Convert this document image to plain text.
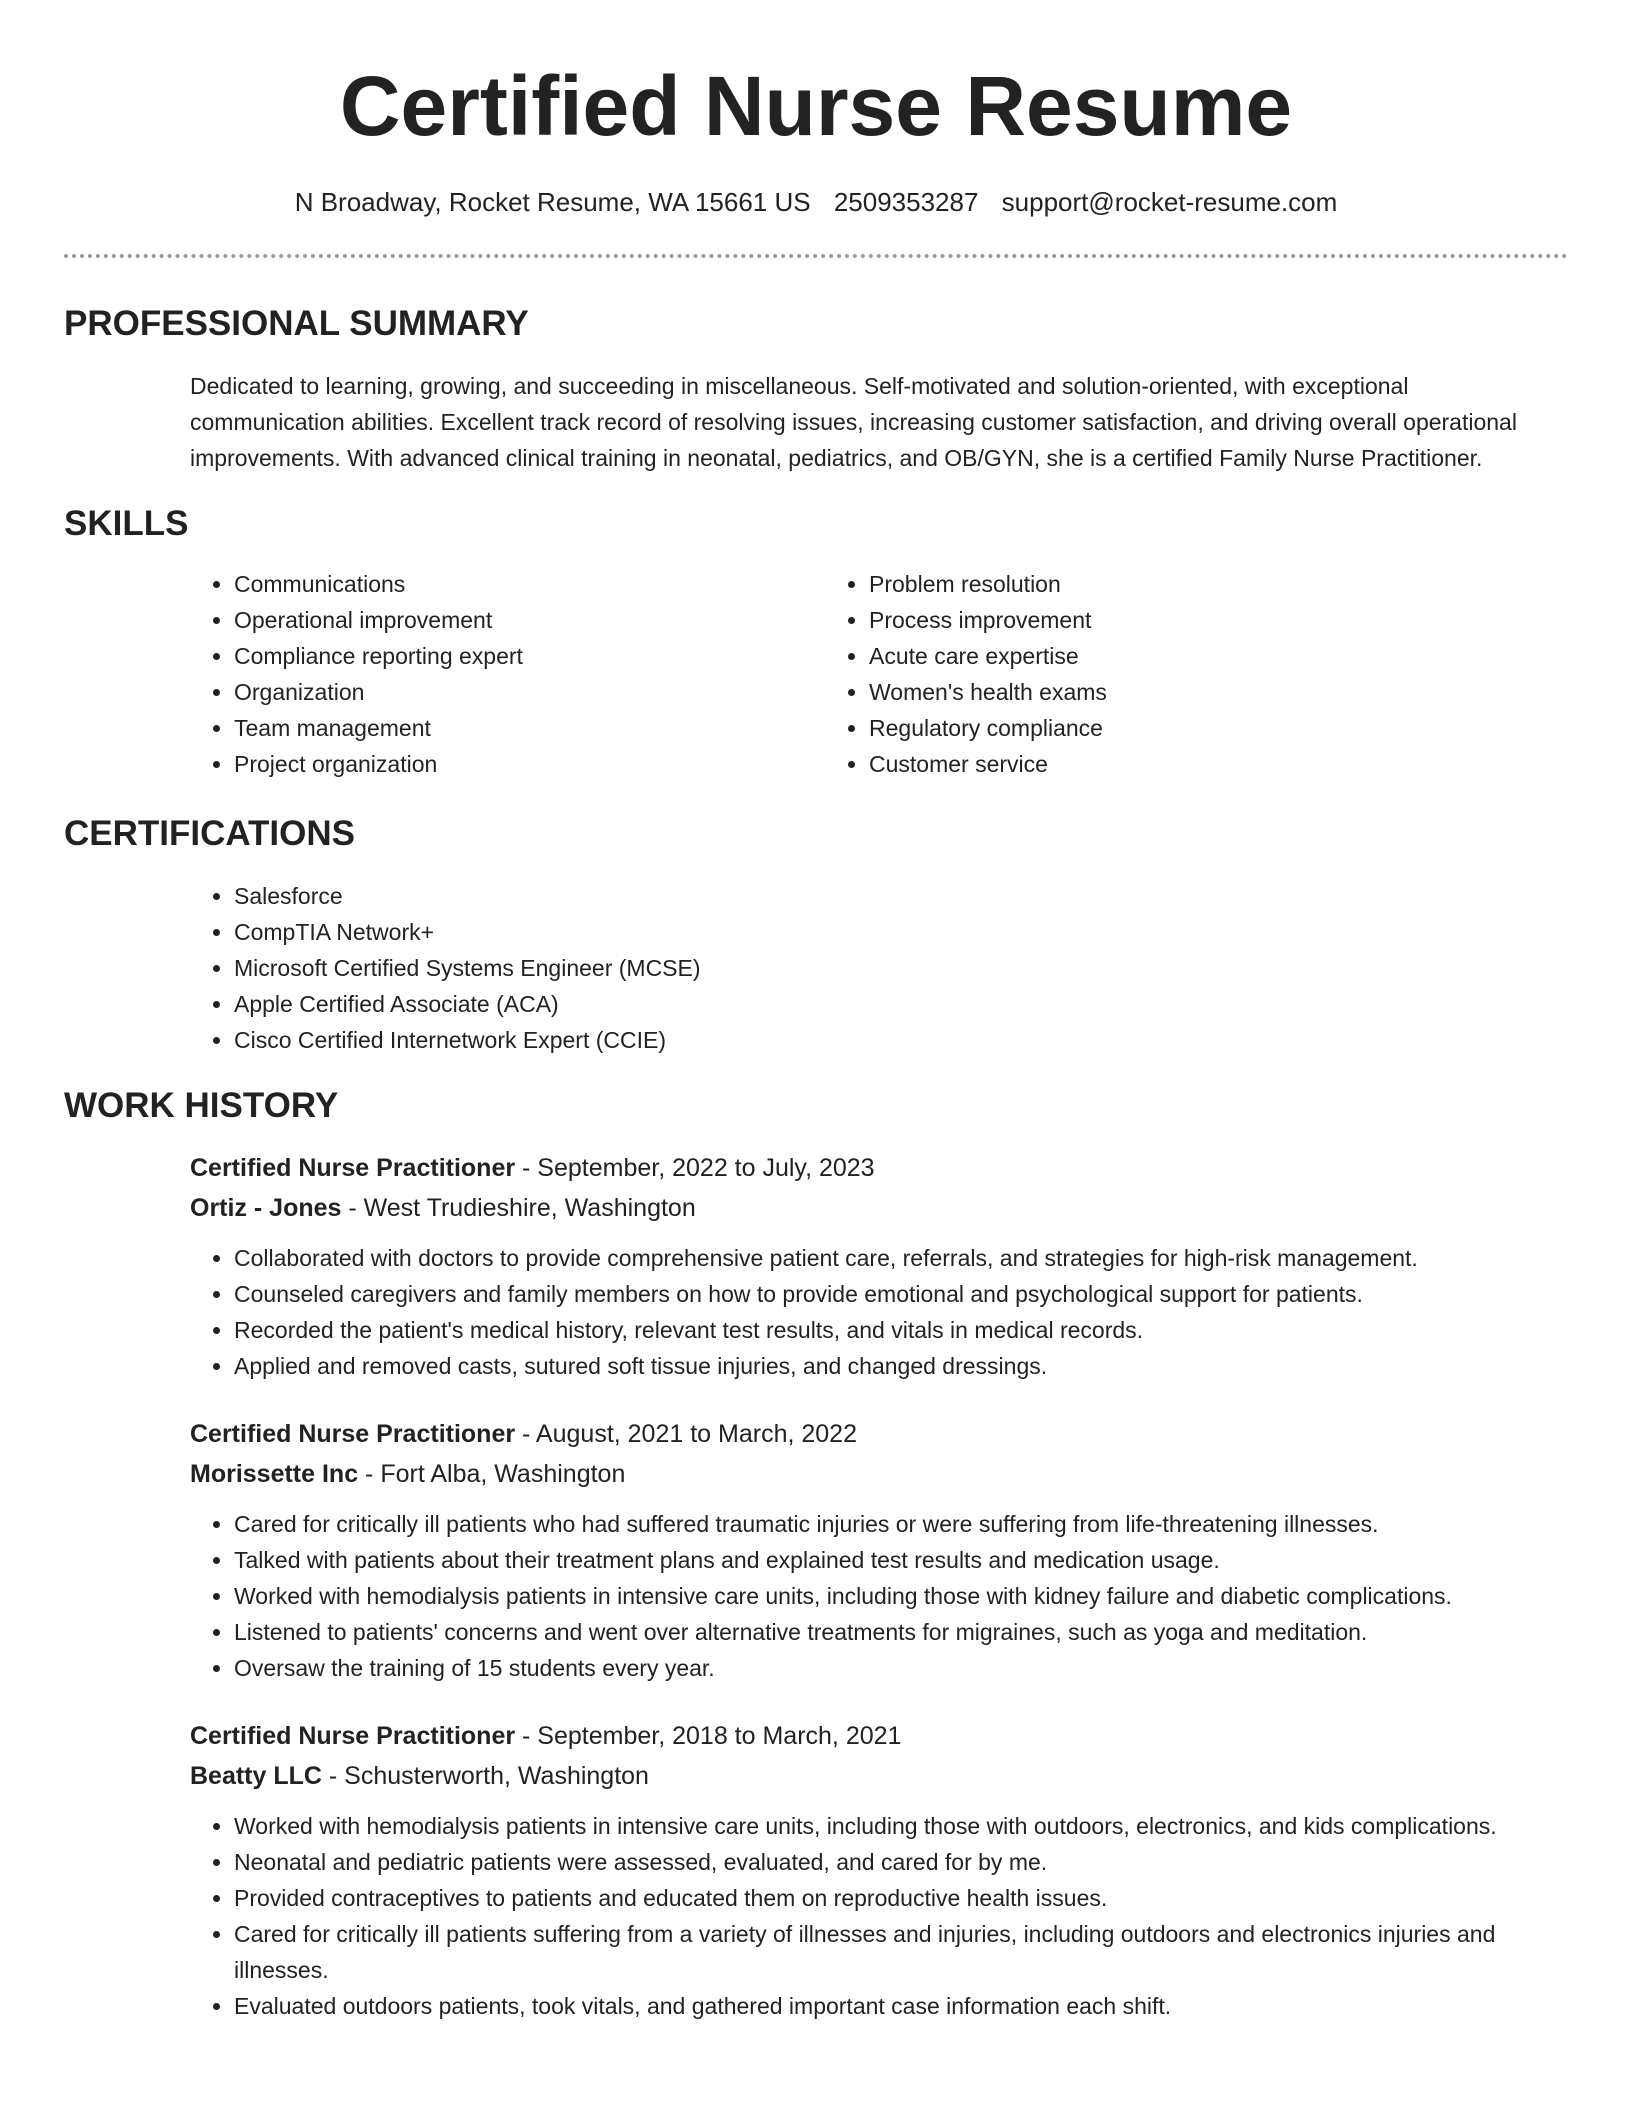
Certified Nurse Resume
N Broadway, Rocket Resume, WA 15661 US 2509353287 support@rocket-resume.com
PROFESSIONAL SUMMARY

Dedicated to learning, growing, and succeeding in miscellaneous. Self-motivated and solution-oriented, with exceptional communication abilities. Excellent track record of resolving issues, increasing customer satisfaction, and driving overall operational improvements. With advanced clinical training in neonatal, pediatrics, and OB/GYN, she is a certified Family Nurse Practitioner.

SKILLS
• Communications
• Operational improvement
• Compliance reporting expert
• Organization
• Team management
• Project organization
• Problem resolution
• Process improvement
• Acute care expertise
• Women's health exams
• Regulatory compliance
• Customer service
CERTIFICATIONS
• Salesforce
• CompTIA Network+
• Microsoft Certified Systems Engineer (MCSE)
• Apple Certified Associate (ACA)
• Cisco Certified Internetwork Expert (CCIE)
WORK HISTORY
Certified Nurse Practitioner - September, 2022 to July, 2023
Ortiz - Jones - West Trudieshire, Washington
• Collaborated with doctors to provide comprehensive patient care, referrals, and strategies for high-risk management.
• Counseled caregivers and family members on how to provide emotional and psychological support for patients.
• Recorded the patient's medical history, relevant test results, and vitals in medical records.
• Applied and removed casts, sutured soft tissue injuries, and changed dressings.
Certified Nurse Practitioner - August, 2021 to March, 2022
Morissette Inc - Fort Alba, Washington
• Cared for critically ill patients who had suffered traumatic injuries or were suffering from life-threatening illnesses.
• Talked with patients about their treatment plans and explained test results and medication usage.
• Worked with hemodialysis patients in intensive care units, including those with kidney failure and diabetic complications.
• Listened to patients' concerns and went over alternative treatments for migraines, such as yoga and meditation.
• Oversaw the training of 15 students every year.
Certified Nurse Practitioner - September, 2018 to March, 2021
Beatty LLC - Schusterworth, Washington
• Worked with hemodialysis patients in intensive care units, including those with outdoors, electronics, and kids complications.
• Neonatal and pediatric patients were assessed, evaluated, and cared for by me.
• Provided contraceptives to patients and educated them on reproductive health issues.
• Cared for critically ill patients suffering from a variety of illnesses and injuries, including outdoors and electronics injuries and illnesses.
• Evaluated outdoors patients, took vitals, and gathered important case information each shift.
